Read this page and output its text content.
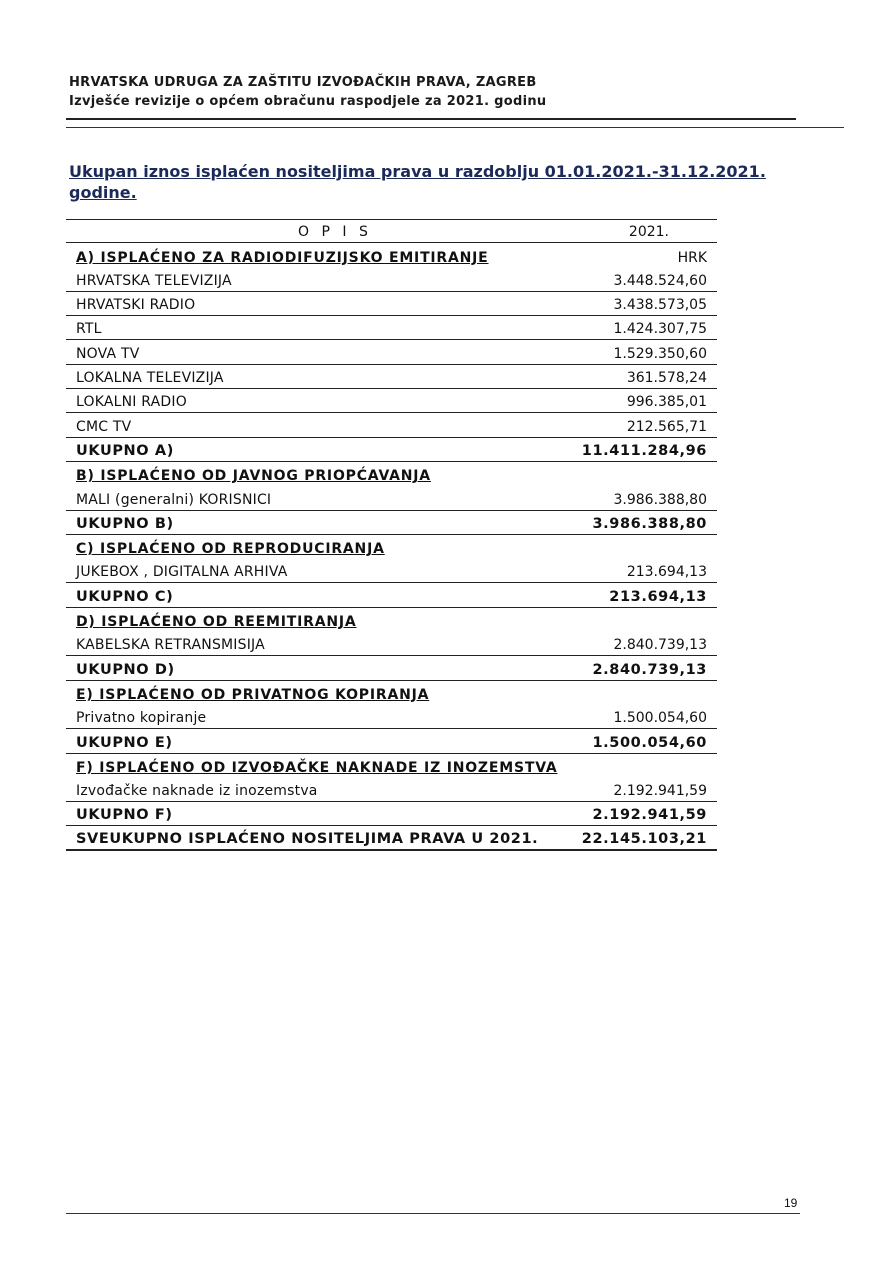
HRVATSKA UDRUGA ZA ZAŠTITU IZVOĐAČKIH PRAVA, ZAGREB
Izvješće revizije o općem obračunu raspodjele za 2021. godinu
Ukupan iznos isplaćen nositeljima prava u razdoblju 01.01.2021.-31.12.2021. godine.
O P I S	2021.
A) ISPLAĆENO ZA RADIODIFUZIJSKO EMITIRANJE	HRK
HRVATSKA TELEVIZIJA	3.448.524,60
HRVATSKI RADIO	3.438.573,05
RTL	1.424.307,75
NOVA TV	1.529.350,60
LOKALNA TELEVIZIJA	361.578,24
LOKALNI RADIO	996.385,01
CMC TV	212.565,71
UKUPNO A)	11.411.284,96
B) ISPLAĆENO OD JAVNOG PRIOPĆAVANJA
MALI (generalni) KORISNICI	3.986.388,80
UKUPNO B)	3.986.388,80
C) ISPLAĆENO OD REPRODUCIRANJA
JUKEBOX , DIGITALNA ARHIVA	213.694,13
UKUPNO C)	213.694,13
D) ISPLAĆENO OD REEMITIRANJA
KABELSKA RETRANSMISIJA	2.840.739,13
UKUPNO D)	2.840.739,13
E) ISPLAĆENO OD PRIVATNOG KOPIRANJA
Privatno kopiranje	1.500.054,60
UKUPNO E)	1.500.054,60
F) ISPLAĆENO OD IZVOĐAČKE NAKNADE IZ INOZEMSTVA
Izvođačke naknade iz inozemstva	2.192.941,59
UKUPNO F)	2.192.941,59
SVEUKUPNO ISPLAĆENO NOSITELJIMA PRAVA U 2021.	22.145.103,21
19
